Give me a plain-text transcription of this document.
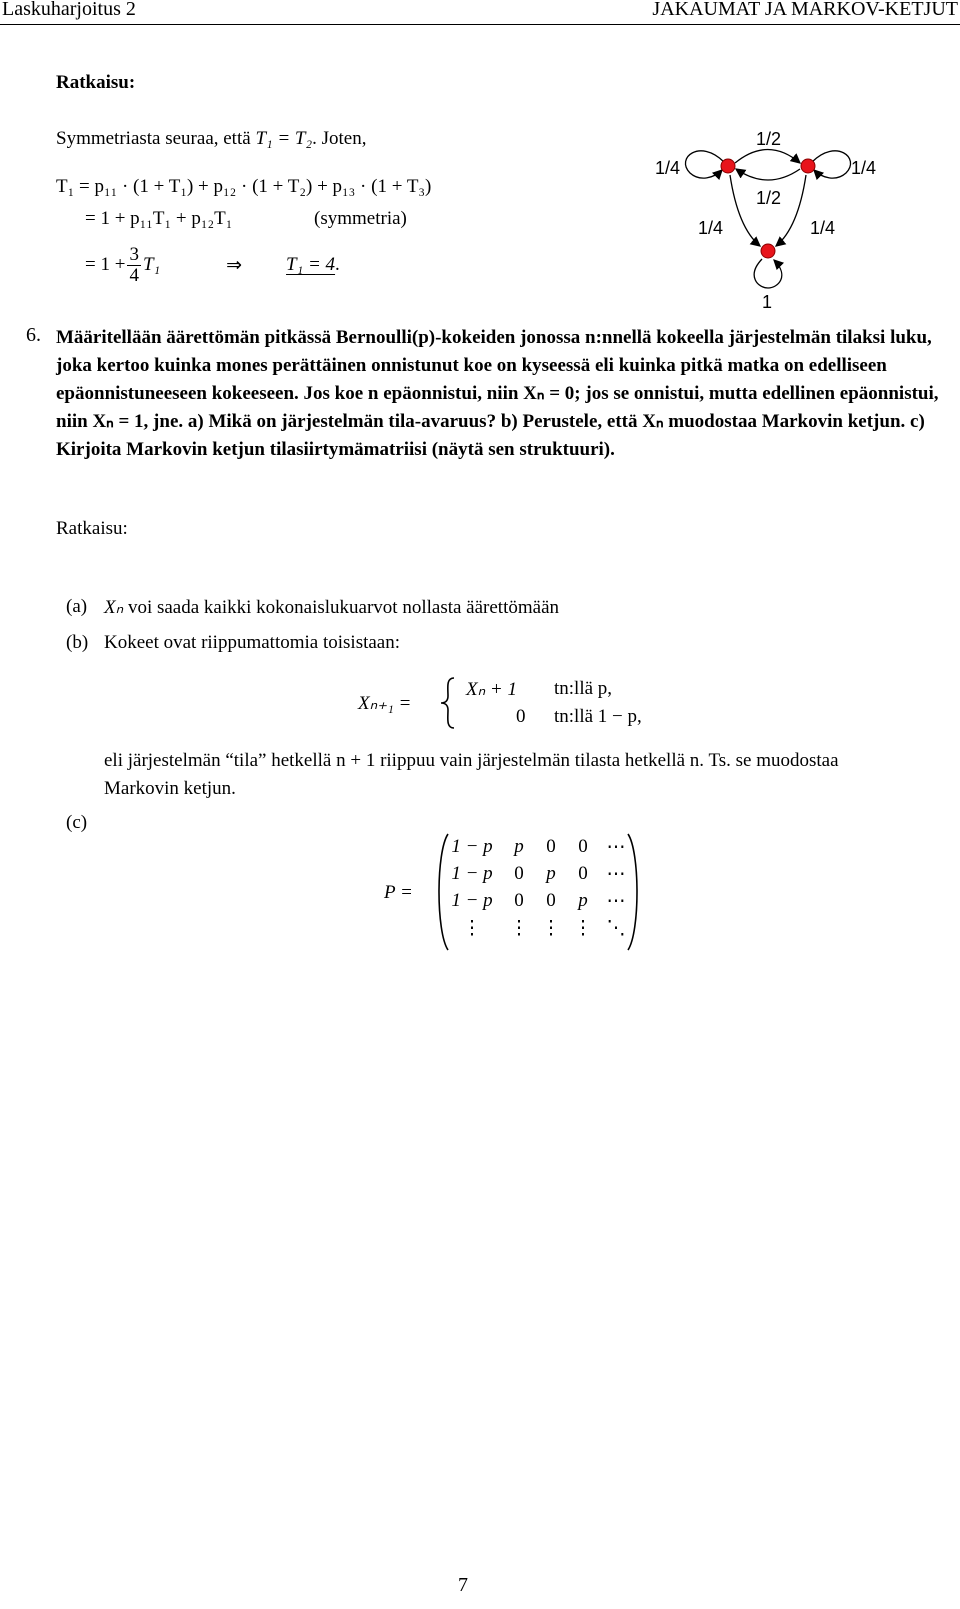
Laskuharjoitus 2	JAKAUMAT JA MARKOV-KETJUT
Ratkaisu:
Symmetriasta seuraa, että T₁ = T₂. Joten,
T₁ = p₁₁ · (1 + T₁) + p₁₂ · (1 + T₂) + p₁₃ · (1 + T₃)
= 1 + p₁₁T₁ + p₁₂T₁	(symmetria)
= $1 + \frac{3}{4} T_1$	⇒ T₁ = 4 .
1/2
1/2
1/4	1/4
1/4	1/4
1
6. Määritellään äärettömän pitkässä Bernoulli(p)-kokeiden jonossa n:nnellä kokeella järjestelmän tilaksi luku, joka kertoo kuinka mones perättäinen onnistunut koe on kyseessä eli kuinka pitkä matka on edelliseen epäonnistuneeseen kokeeseen. Jos koe n epäonnistui, niin Xₙ = 0; jos se onnistui, mutta edellinen epäonnistui, niin Xₙ = 1, jne. a) Mikä on järjestelmän tila-avaruus? b) Perustele, että Xₙ muodostaa Markovin ketjun. c) Kirjoita Markovin ketjun tilasiirtymämatriisi (näytä sen struktuuri).
Ratkaisu:
(a) Xₙ voi saada kaikki kokonaislukuarvot nollasta äärettömään
(b) Kokeet ovat riippumattomia toisistaan:
Xₙ₊₁ =
Xₙ + 1 tn:llä p,
0 tn:llä 1 − p,
eli järjestelmän “tila” hetkellä n + 1 riippuu vain järjestelmän tilasta hetkellä n. Ts. se muodostaa
Markovin ketjun.
(c)
P =
1 − p	p	0	0 ⋯
1 − p	0	p	0 ⋯
1 − p	0	0	p ⋯
⋮	⋮ ⋮ ⋮ ⋱
7
